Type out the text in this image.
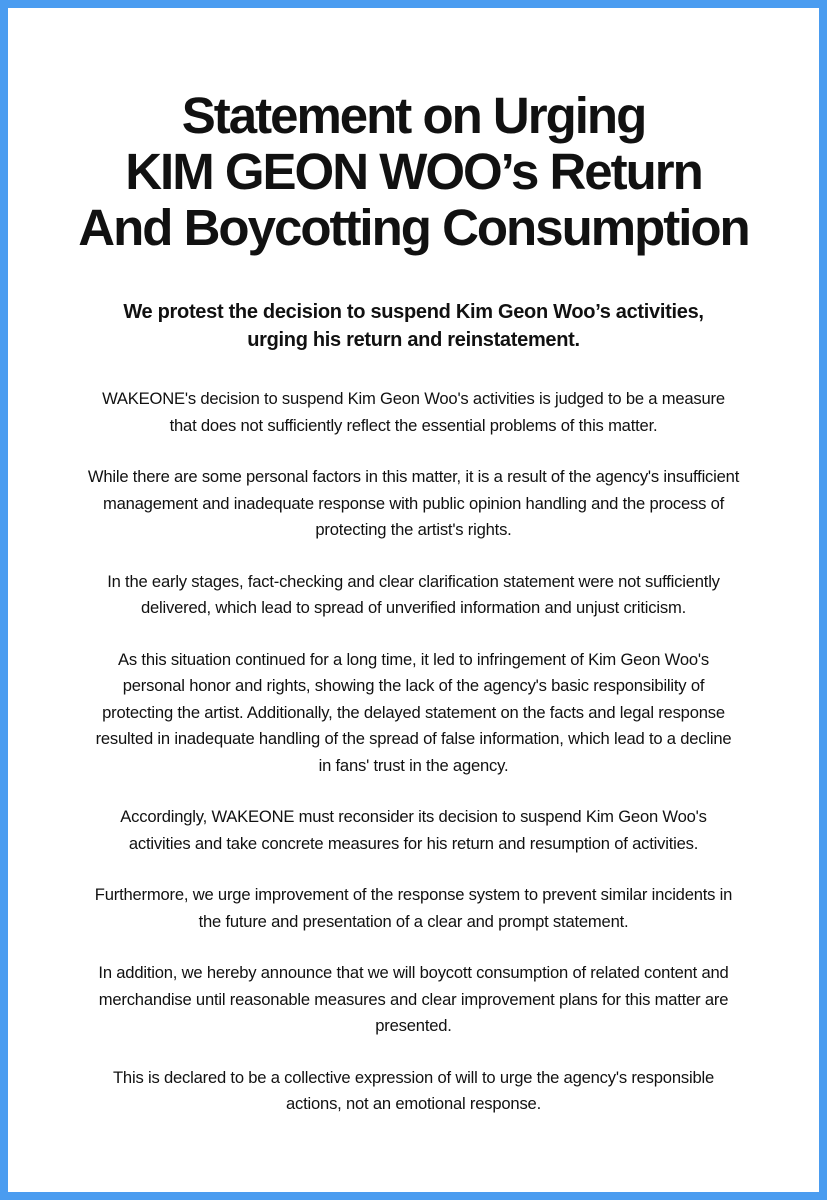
Statement on Urging
KIM GEON WOO’s Return
And Boycotting Consumption
We protest the decision to suspend Kim Geon Woo’s activities,
urging his return and reinstatement.

WAKEONE's decision to suspend Kim Geon Woo's activities is judged to be a measure
that does not sufficiently reflect the essential problems of this matter.

While there are some personal factors in this matter, it is a result of the agency's insufficient
management and inadequate response with public opinion handling and the process of
protecting the artist's rights.

In the early stages, fact-checking and clear clarification statement were not sufficiently
delivered, which lead to spread of unverified information and unjust criticism.

As this situation continued for a long time, it led to infringement of Kim Geon Woo's
personal honor and rights, showing the lack of the agency's basic responsibility of
protecting the artist. Additionally, the delayed statement on the facts and legal response
resulted in inadequate handling of the spread of false information, which lead to a decline
in fans' trust in the agency.

Accordingly, WAKEONE must reconsider its decision to suspend Kim Geon Woo's
activities and take concrete measures for his return and resumption of activities.

Furthermore, we urge improvement of the response system to prevent similar incidents in
the future and presentation of a clear and prompt statement.

In addition, we hereby announce that we will boycott consumption of related content and
merchandise until reasonable measures and clear improvement plans for this matter are
presented.

This is declared to be a collective expression of will to urge the agency's responsible
actions, not an emotional response.
